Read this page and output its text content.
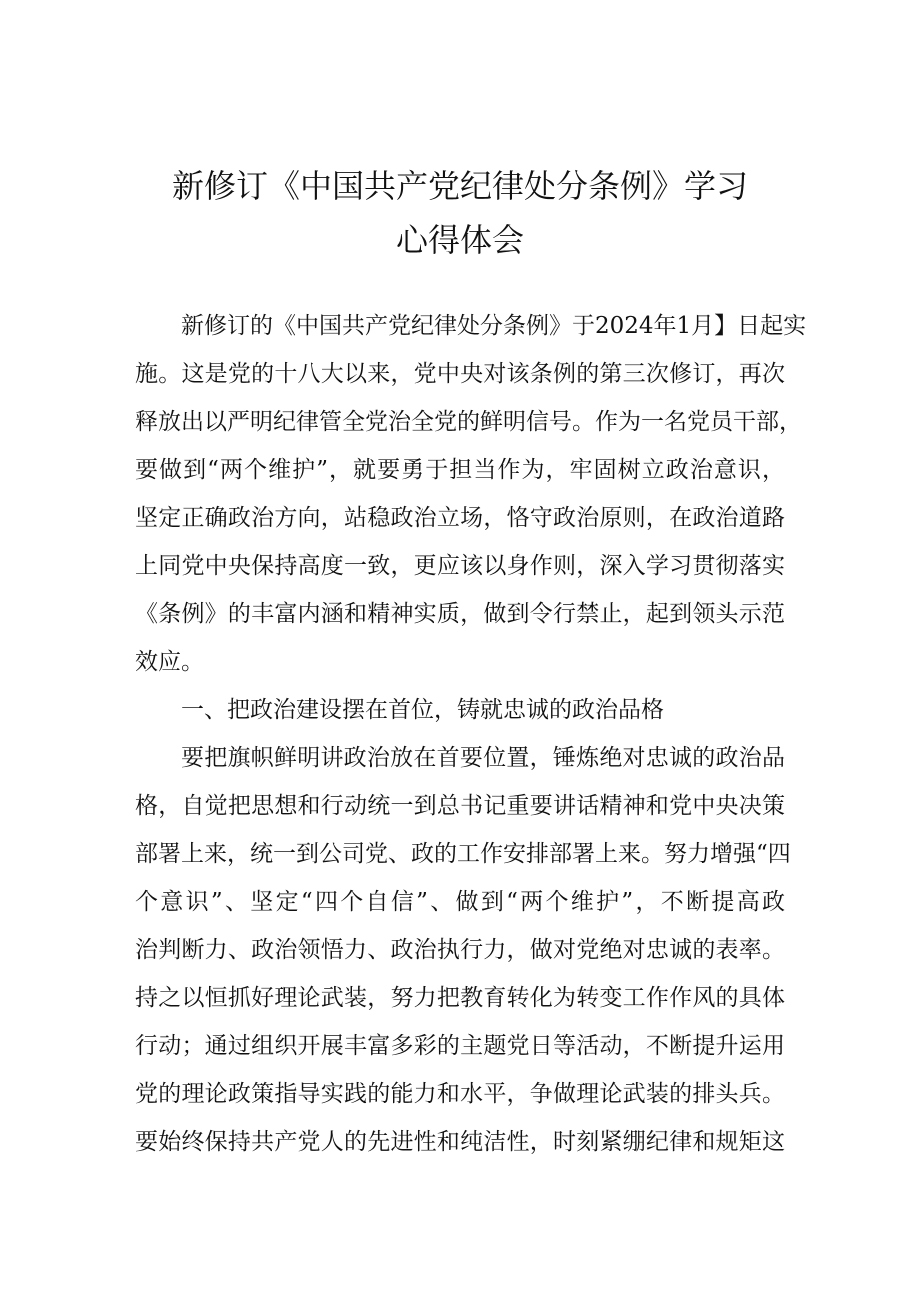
新修订《中国共产党纪律处分条例》学习
心得体会
新修订的《中国共产党纪律处分条例》于2024年1月】日起实
施。这是党的十八大以来，党中央对该条例的第三次修订，再次
释放出以严明纪律管全党治全党的鲜明信号。作为一名党员干部，
要做到“两个维护”，就要勇于担当作为，牢固树立政治意识，
坚定正确政治方向，站稳政治立场，恪守政治原则，在政治道路
上同党中央保持高度一致，更应该以身作则，深入学习贯彻落实
《条例》的丰富内涵和精神实质，做到令行禁止，起到领头示范
效应。
一、把政治建设摆在首位，铸就忠诚的政治品格
要把旗帜鲜明讲政治放在首要位置，锤炼绝对忠诚的政治品
格，自觉把思想和行动统一到总书记重要讲话精神和党中央决策
部署上来，统一到公司党、政的工作安排部署上来。努力增强“四
个意识”、坚定“四个自信”、做到“两个维护”，不断提高政
治判断力、政治领悟力、政治执行力，做对党绝对忠诚的表率。
持之以恒抓好理论武装，努力把教育转化为转变工作作风的具体
行动；通过组织开展丰富多彩的主题党日等活动，不断提升运用
党的理论政策指导实践的能力和水平，争做理论武装的排头兵。
要始终保持共产党人的先进性和纯洁性，时刻紧绷纪律和规矩这
